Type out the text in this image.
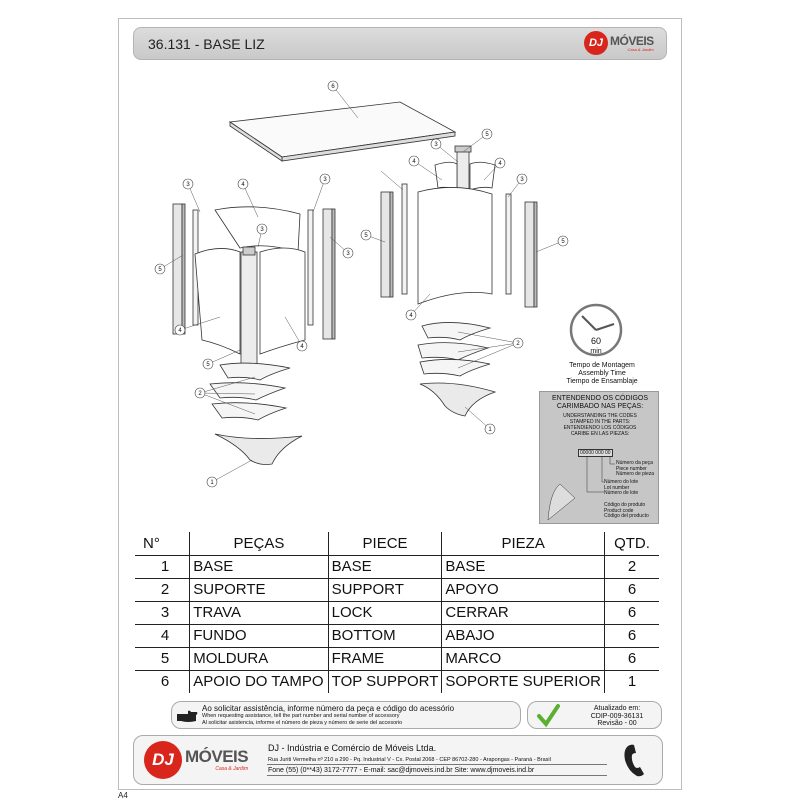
36.131 - BASE LIZ	DJ MÓVEIS
Casa & Jardim
6
3	4
3
3
5
3
4
5
2
1
4
5
3
4	4
3
5
5
4
2
1
60
min
Tempo de Montagem
Assembly Time
Tiempo de Ensamblaje
ENTENDENDO OS CÓDIGOS
CARIMBADO NAS PEÇAS:
UNDERSTANDING THE CODES
STAMPED IN THE PARTS:
ENTENDIENDO LOS CÓDIGOS
CARIBE EN LAS PIEZAS:
00000 000 00
Número da peça
Piece number
Número de pieza
Número do lote
Lot number
Número de lote
Código do produto
Product code
Código del producto
N°	PEÇAS	PIECE	PIEZA	QTD.
1	BASE	BASE	BASE	2
2	SUPORTE	SUPPORT	APOYO	6
3	TRAVA	LOCK	CERRAR	6
4	FUNDO	BOTTOM	ABAJO	6
5	MOLDURA	FRAME	MARCO	6
6	APOIO DO TAMPO	TOP SUPPORT	SOPORTE SUPERIOR	1
Ao solicitar assistência, informe número da peça e código do acessório
When requesting assistance, tell the part number and serial number of accessory
Al solicitar asistencia, informe el número de pieza y número de serie del accesorio
Atualizado em:
CDIP-009-36131
Revisão - 00
DJ MÓVEIS
Casa & Jardim
DJ - Indústria e Comércio de Móveis Ltda.
Rua Juriti Vermelha nº 210 a 290 - Pq. Industrial V - Cx. Postal 2068 - CEP 86702-280 - Arapongas - Paraná - Brasil
Fone (55) (0**43) 3172-7777 - E-mail: sac@djmoveis.ind.br Site: www.djmoveis.ind.br
A4
